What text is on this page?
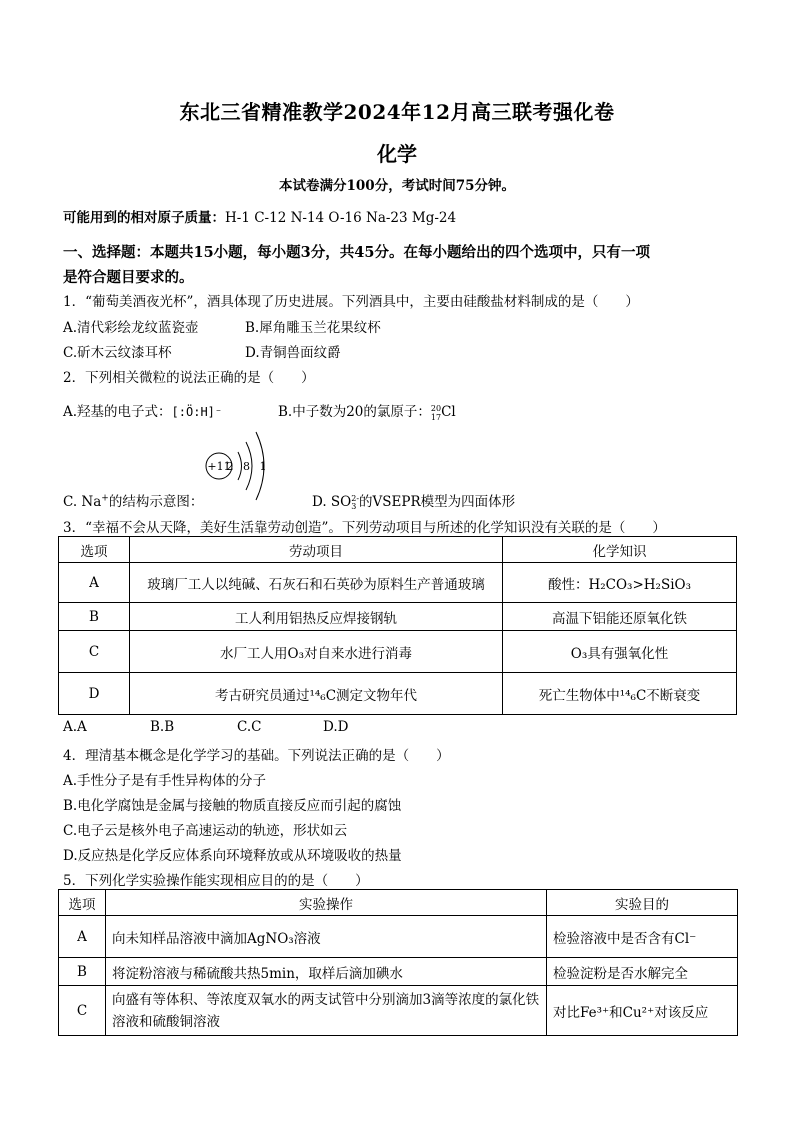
东北三省精准教学2024年12月高三联考强化卷
化学
本试卷满分100分，考试时间75分钟。
可能用到的相对原子质量：H-1 C-12 N-14 O-16 Na-23 Mg-24
一、选择题：本题共15小题，每小题3分，共45分。在每小题给出的四个选项中，只有一项
是符合题目要求的。
1．“葡萄美酒夜光杯”，酒具体现了历史进展。下列酒具中，主要由硅酸盐材料制成的是（　　）
A.清代彩绘龙纹蓝瓷壶	B.犀角雕玉兰花果纹杯
C.斫木云纹漆耳杯	D.青铜兽面纹爵
2．下列相关微粒的说法正确的是（　　）
A.羟基的电子式：[:Ö:H]⁻	B.中子数为20的氯原子：20
17Cl
+11
2 8 1
C. Na+的结构示意图：	D. SO2-
3 的VSEPR模型为四面体形
3．“幸福不会从天降，美好生活靠劳动创造”。下列劳动项目与所述的化学知识没有关联的是（　　）
选项	劳动项目	化学知识
A	玻璃厂工人以纯碱、石灰石和石英砂为原料生产普通玻璃	酸性：H₂CO₃>H₂SiO₃
B	工人利用铝热反应焊接钢轨	高温下铝能还原氧化铁
C	水厂工人用O₃对自来水进行消毒	O₃具有强氧化性
D	考古研究员通过¹⁴₆C测定文物年代	死亡生物体中¹⁴₆C不断衰变
A.A	B.B	C.C	D.D
4．理清基本概念是化学学习的基础。下列说法正确的是（　　）
A.手性分子是有手性异构体的分子
B.电化学腐蚀是金属与接触的物质直接反应而引起的腐蚀
C.电子云是核外电子高速运动的轨迹，形状如云
D.反应热是化学反应体系向环境释放或从环境吸收的热量
5．下列化学实验操作能实现相应目的的是（　　）
选项	实验操作	实验目的
A	向未知样品溶液中滴加AgNO₃溶液	检验溶液中是否含有Cl⁻
B	将淀粉溶液与稀硫酸共热5min，取样后滴加碘水	检验淀粉是否水解完全
C	向盛有等体积、等浓度双氧水的两支试管中分别滴加3滴等浓度的氯化铁溶液和硫酸铜溶液	对比Fe³⁺和Cu²⁺对该反应
